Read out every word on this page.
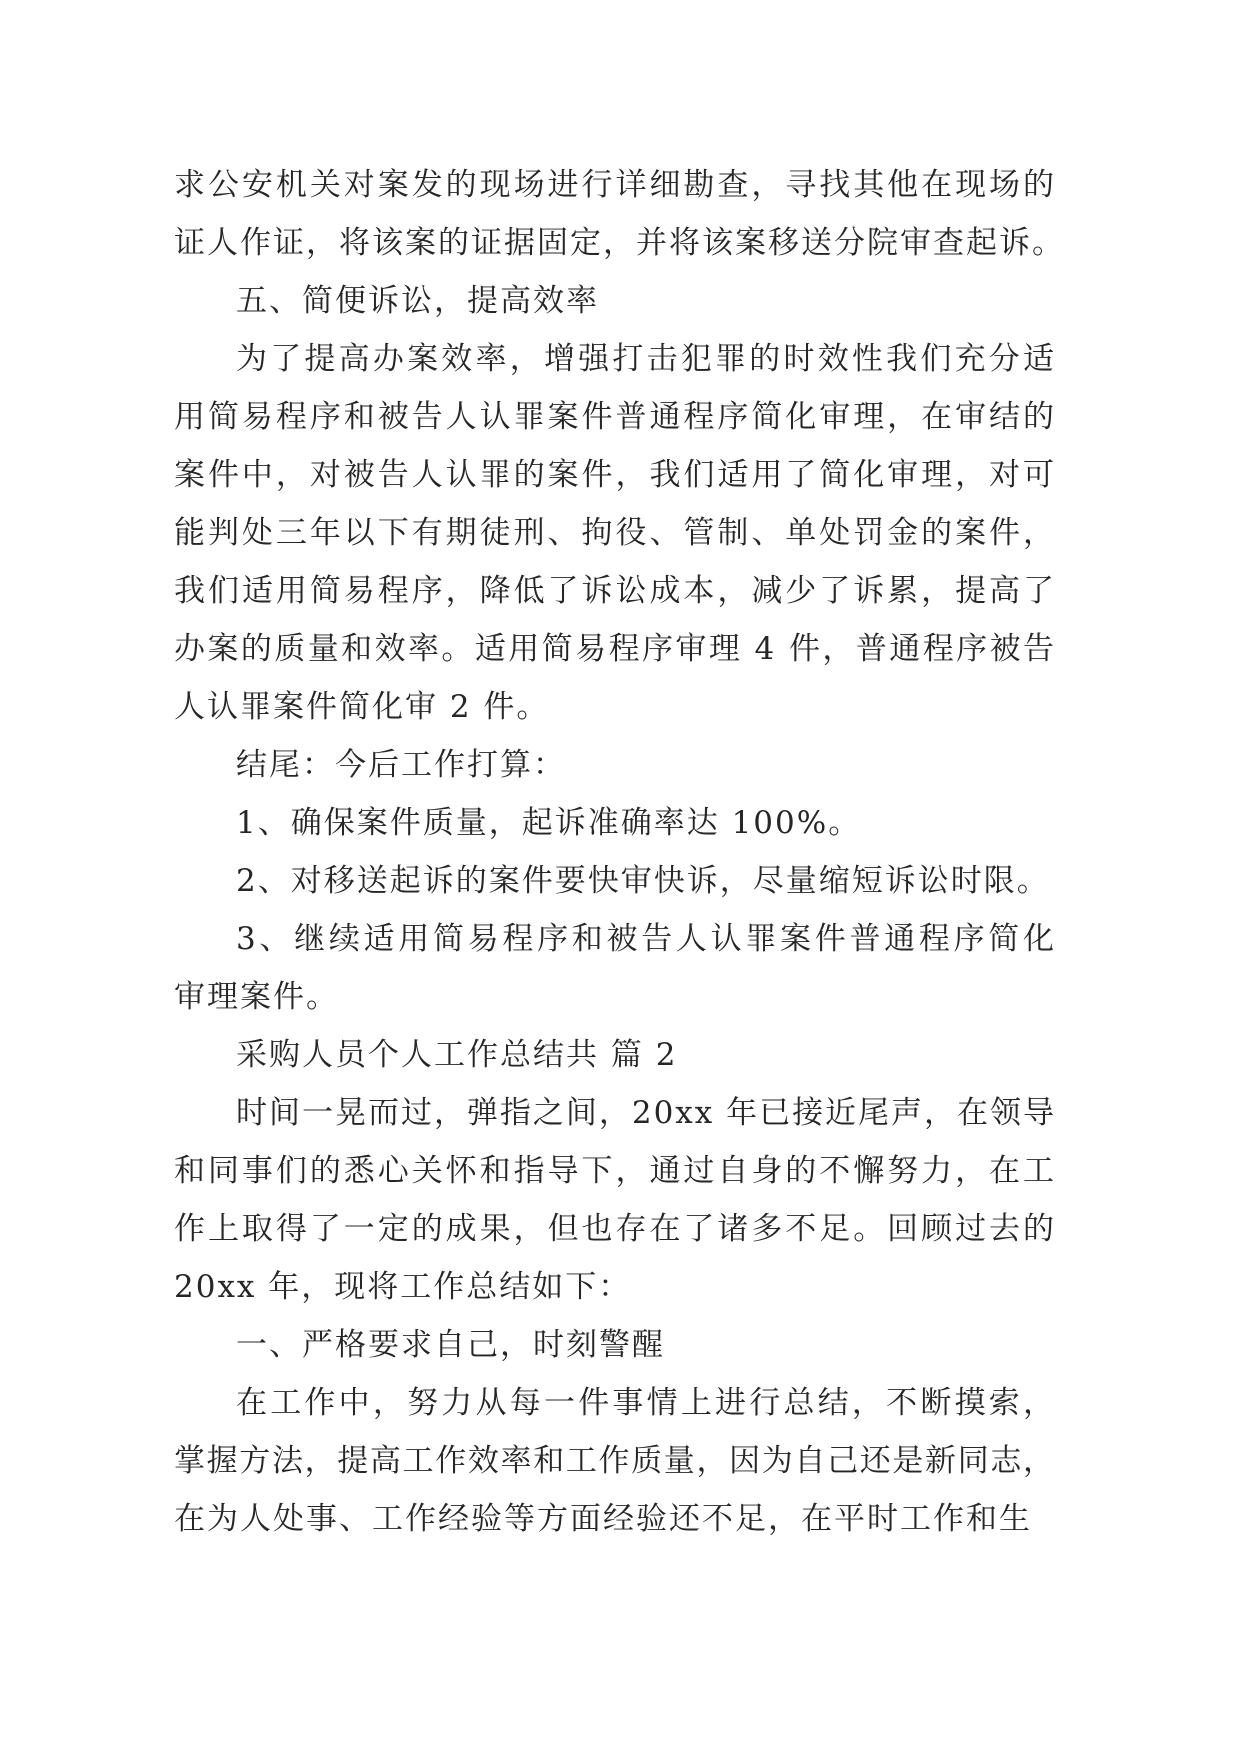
求公安机关对案发的现场进行详细勘查，寻找其他在现场的
证人作证，将该案的证据固定，并将该案移送分院审查起诉。
五、简便诉讼，提高效率
为了提高办案效率，增强打击犯罪的时效性我们充分适
用简易程序和被告人认罪案件普通程序简化审理，在审结的
案件中，对被告人认罪的案件，我们适用了简化审理，对可
能判处三年以下有期徒刑、拘役、管制、单处罚金的案件，
我们适用简易程序，降低了诉讼成本，减少了诉累，提高了
办案的质量和效率。适用简易程序审理 4 件，普通程序被告
人认罪案件简化审 2 件。
结尾：今后工作打算：
1、确保案件质量，起诉准确率达 100%。
2、对移送起诉的案件要快审快诉，尽量缩短诉讼时限。
3、继续适用简易程序和被告人认罪案件普通程序简化
审理案件。
采购人员个人工作总结共 篇 2
时间一晃而过，弹指之间，20xx 年已接近尾声，在领导
和同事们的悉心关怀和指导下，通过自身的不懈努力，在工
作上取得了一定的成果，但也存在了诸多不足。回顾过去的
20xx 年，现将工作总结如下：
一、严格要求自己，时刻警醒
在工作中，努力从每一件事情上进行总结，不断摸索，
掌握方法，提高工作效率和工作质量，因为自己还是新同志，
在为人处事、工作经验等方面经验还不足，在平时工作和生
